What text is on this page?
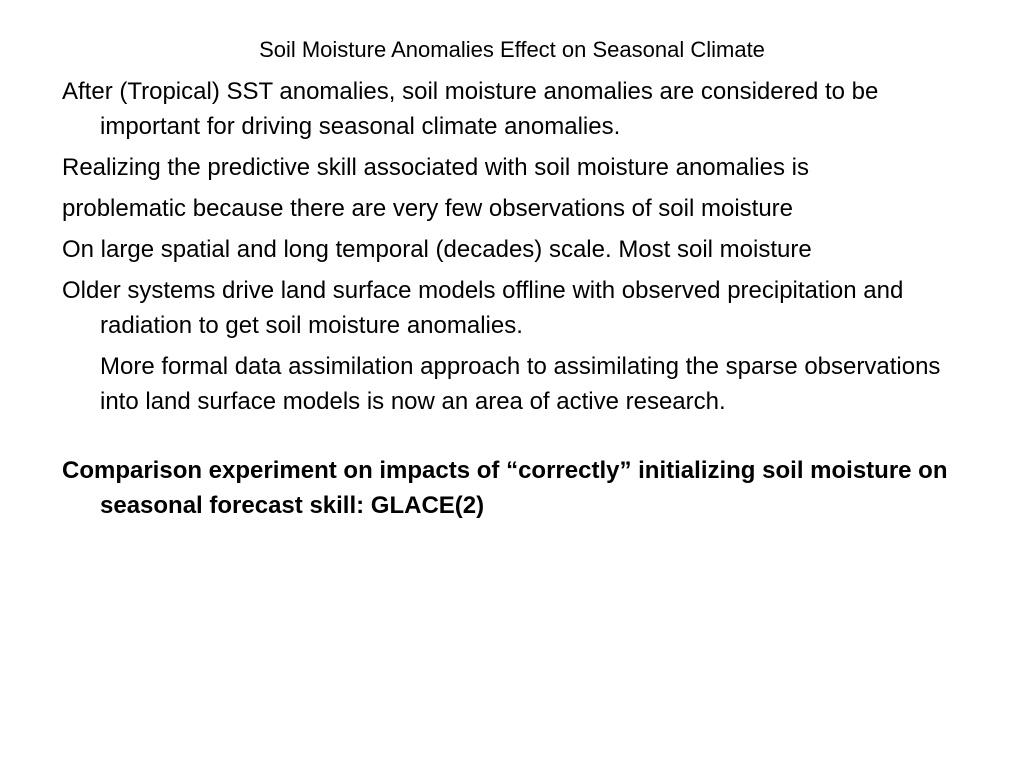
Soil Moisture Anomalies Effect on Seasonal Climate

After (Tropical) SST anomalies, soil moisture anomalies are considered to be important for driving seasonal climate anomalies.

Realizing the predictive skill associated with soil moisture anomalies is

problematic because there are very few observations of soil moisture

On large spatial and long temporal (decades) scale. Most soil moisture

Older systems drive land surface models offline with observed precipitation and radiation to get soil moisture anomalies.

More formal data assimilation approach to assimilating the sparse observations into land surface models is now an area of active research.

Comparison experiment on impacts of “correctly” initializing soil moisture on seasonal forecast skill: GLACE(2)
